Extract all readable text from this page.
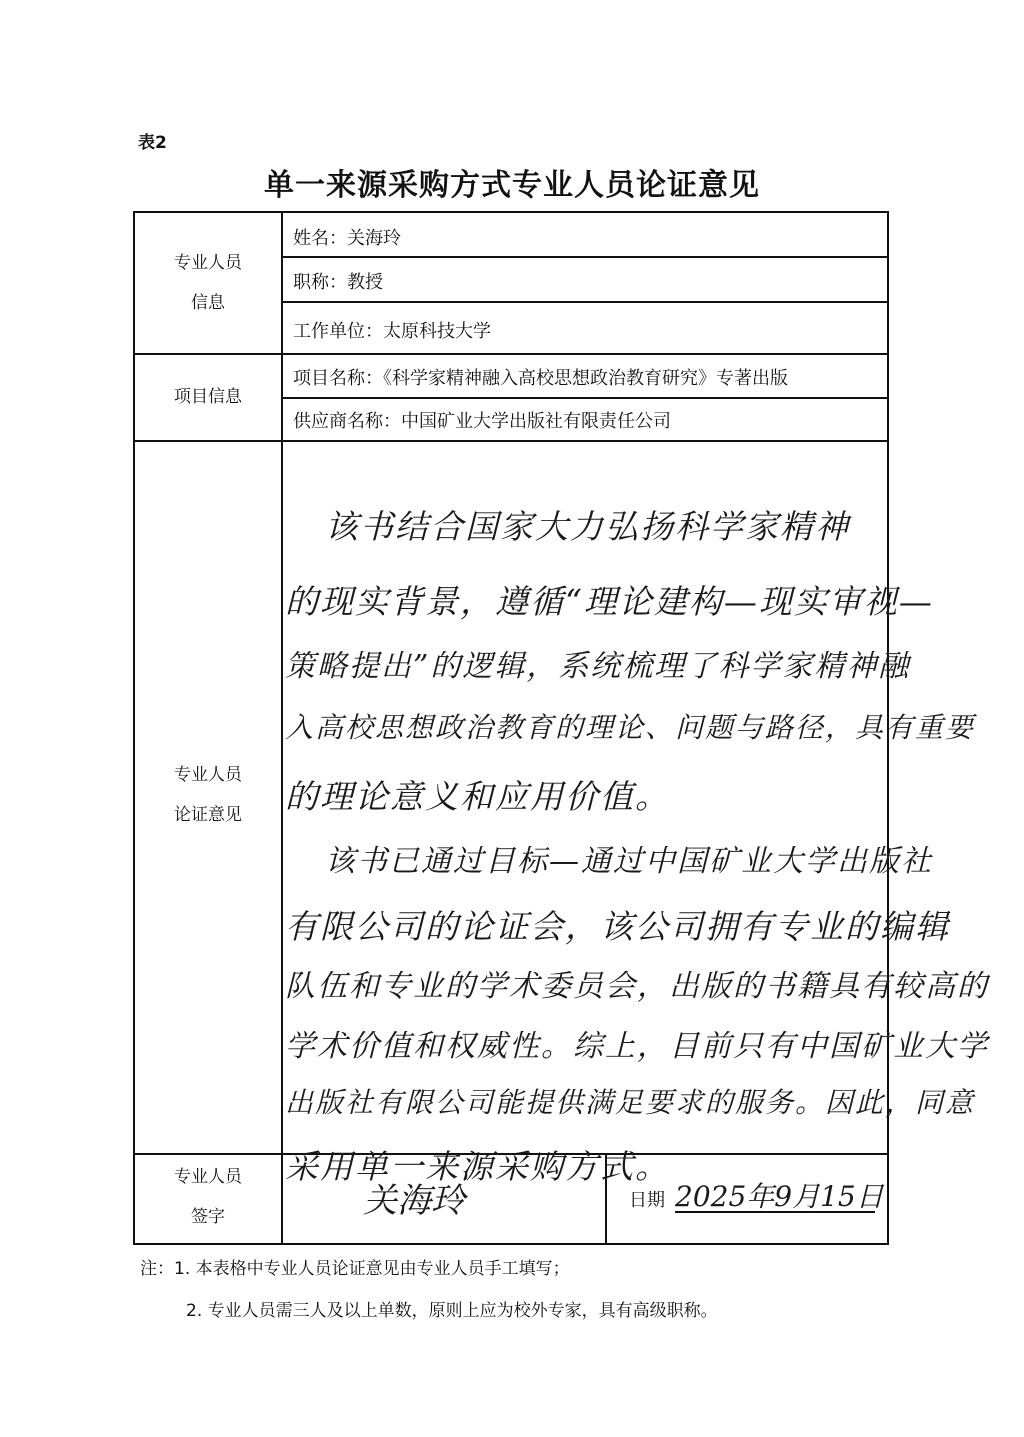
表2
单一来源采购方式专业人员论证意见
专业人员
信息
姓名：关海玲
职称：教授
工作单位：太原科技大学
项目信息
项目名称：《科学家精神融入高校思想政治教育研究》专著出版
供应商名称：中国矿业大学出版社有限责任公司
专业人员
论证意见
该书结合国家大力弘扬科学家精神
的现实背景，遵循“理论建构—现实审视—
策略提出”的逻辑，系统梳理了科学家精神融
入高校思想政治教育的理论、问题与路径，具有重要
的理论意义和应用价值。
该书已通过目标—通过中国矿业大学出版社
有限公司的论证会，该公司拥有专业的编辑
队伍和专业的学术委员会，出版的书籍具有较高的
学术价值和权威性。综上，目前只有中国矿业大学
出版社有限公司能提供满足要求的服务。因此，同意
采用单一来源采购方式。
专业人员
签字	关海玲	日期 2025年9月15日
注：1. 本表格中专业人员论证意见由专业人员手工填写；
2. 专业人员需三人及以上单数，原则上应为校外专家，具有高级职称。
